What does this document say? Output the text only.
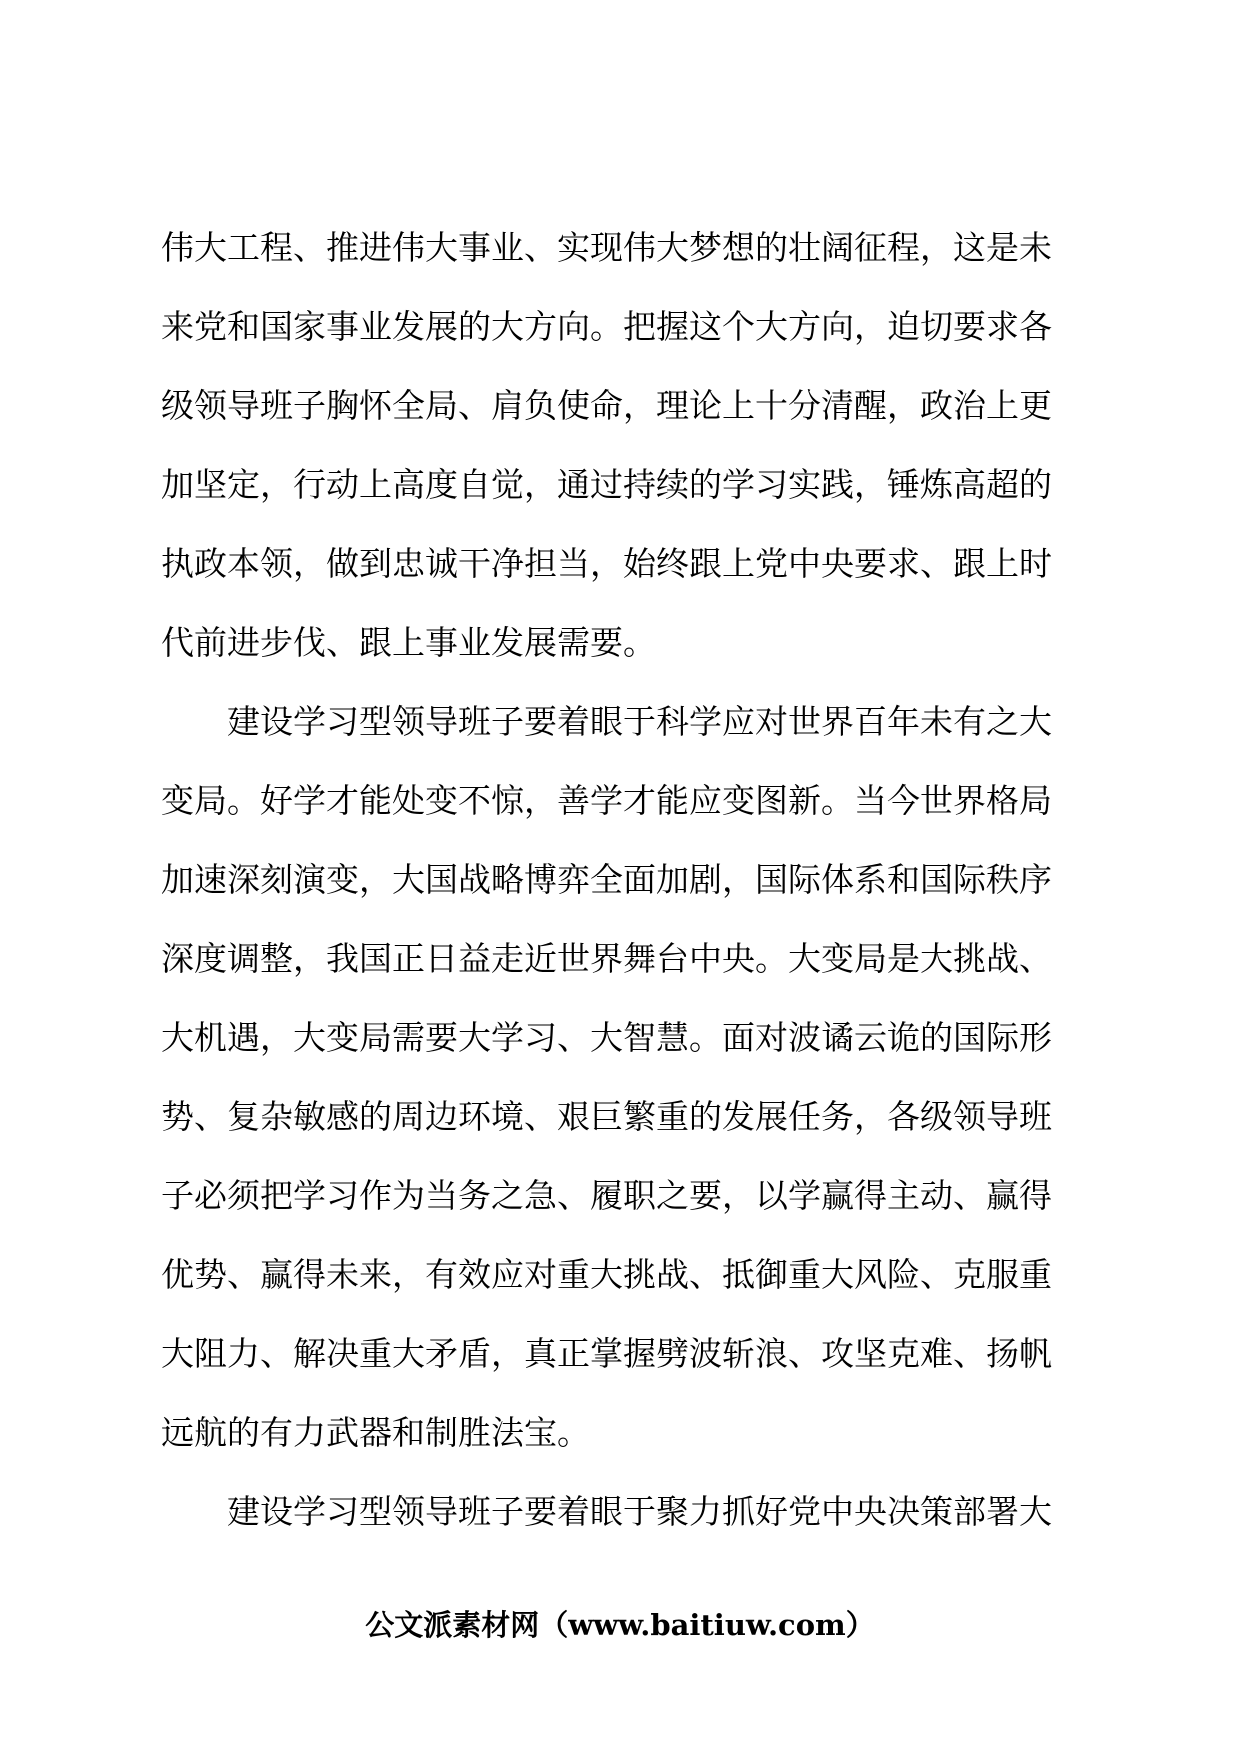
伟大工程、推进伟大事业、实现伟大梦想的壮阔征程，这是未
来党和国家事业发展的大方向。把握这个大方向，迫切要求各
级领导班子胸怀全局、肩负使命，理论上十分清醒，政治上更
加坚定，行动上高度自觉，通过持续的学习实践，锤炼高超的
执政本领，做到忠诚干净担当，始终跟上党中央要求、跟上时
代前进步伐、跟上事业发展需要。
建设学习型领导班子要着眼于科学应对世界百年未有之大
变局。好学才能处变不惊，善学才能应变图新。当今世界格局
加速深刻演变，大国战略博弈全面加剧，国际体系和国际秩序
深度调整，我国正日益走近世界舞台中央。大变局是大挑战、
大机遇，大变局需要大学习、大智慧。面对波谲云诡的国际形
势、复杂敏感的周边环境、艰巨繁重的发展任务，各级领导班
子必须把学习作为当务之急、履职之要，以学赢得主动、赢得
优势、赢得未来，有效应对重大挑战、抵御重大风险、克服重
大阻力、解决重大矛盾，真正掌握劈波斩浪、攻坚克难、扬帆
远航的有力武器和制胜法宝。
建设学习型领导班子要着眼于聚力抓好党中央决策部署大
公文派素材网（www.baitiuw.com）
